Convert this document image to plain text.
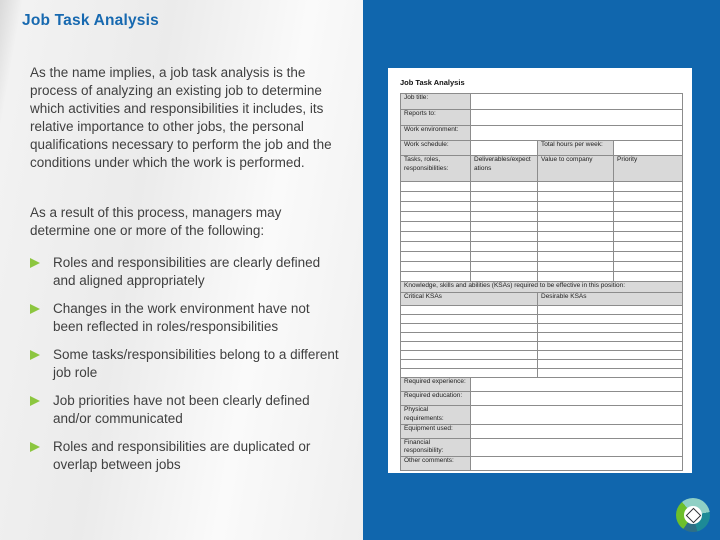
Job Task Analysis
As the name implies, a job task analysis is the process of analyzing an existing job to determine which activities and responsibilities it includes, its relative importance to other jobs, the personal qualifications necessary to perform the job and the conditions under which the work is performed.
As a result of this process, managers may determine one or more of the following:
Roles and responsibilities are clearly defined and aligned appropriately
Changes in the work environment have not been reflected in roles/responsibilities
Some tasks/responsibilities belong to a different job role
Job priorities have not been clearly defined and/or communicated
Roles and responsibilities are duplicated or overlap between jobs
Job Task Analysis
Job title:			
Reports to:			
Work environment:			
Work schedule:		Total hours per week:	
Tasks, roles, responsibilities:	Deliverables/expectations	Value to company	Priority

Knowledge, skills and abilities (KSAs) required to be effective in this position:			
Critical KSAs		Desirable KSAs	

Required experience:			
Required education:			
Physical requirements:			
Equipment used:			
Financial responsibility:			
Other comments:			
